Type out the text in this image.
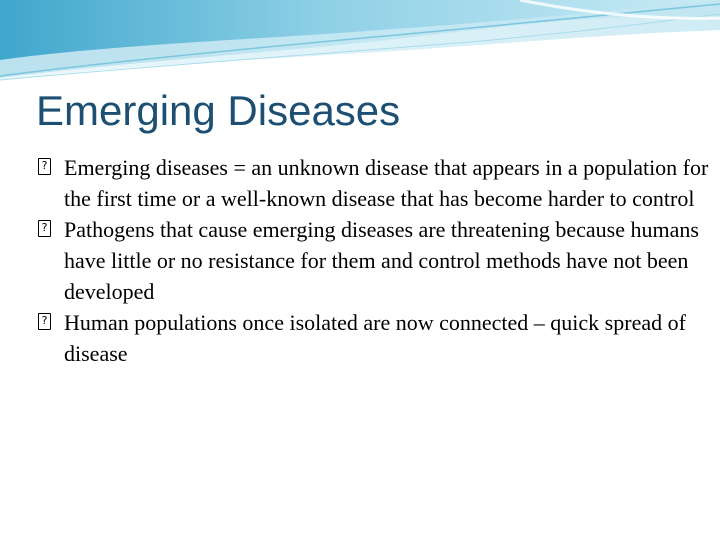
Emerging Diseases
?
Emerging diseases = an unknown disease that appears in a population for the first time or a well-known disease that has become harder to control
?
Pathogens that cause emerging diseases are threatening because humans have little or no resistance for them and control methods have not been developed
?
Human populations once isolated are now connected – quick spread of disease
